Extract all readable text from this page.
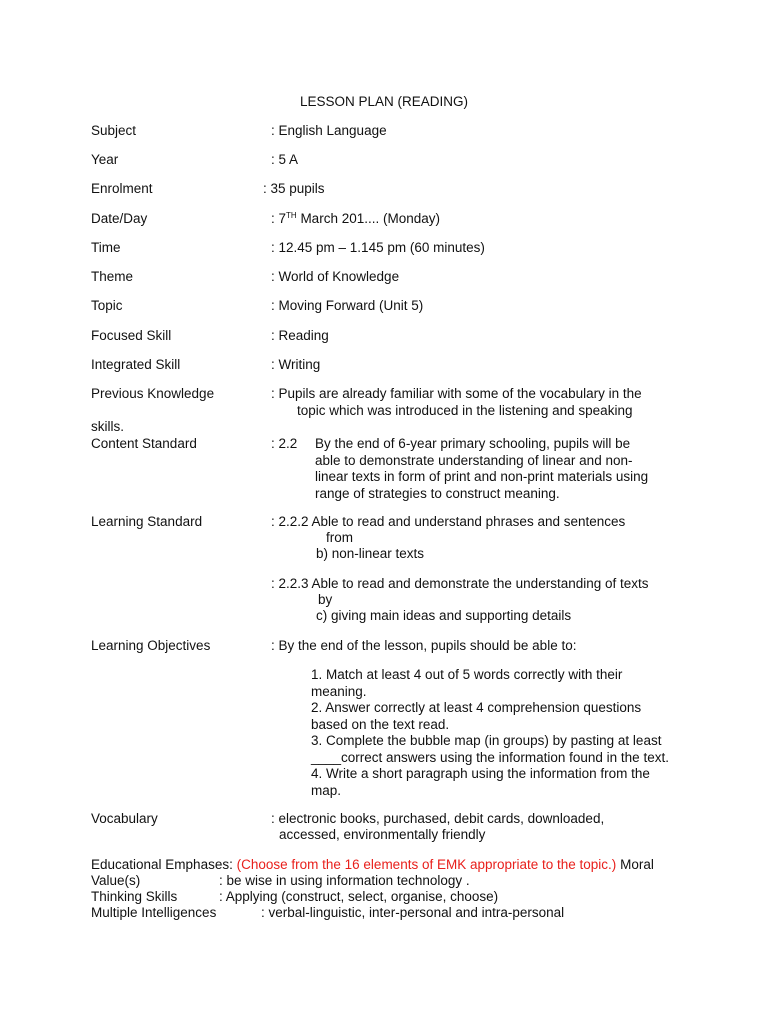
LESSON PLAN (READING)
Subject	: English Language
Year	: 5 A
Enrolment	: 35 pupils
Date/Day	: 7TH March 201.... (Monday)
Time	: 12.45 pm – 1.145 pm (60 minutes)
Theme	: World of Knowledge
Topic	: Moving Forward (Unit 5)
Focused Skill	: Reading
Integrated Skill	: Writing
Previous Knowledge	: Pupils are already familiar with some of the vocabulary in the
topic which was introduced in the listening and speaking
skills.
Content Standard	: 2.2 By the end of 6-year primary schooling, pupils will be
able to demonstrate understanding of linear and non-
linear texts in form of print and non-print materials using
range of strategies to construct meaning.
Learning Standard	: 2.2.2 Able to read and understand phrases and sentences
from
b) non-linear texts
: 2.2.3 Able to read and demonstrate the understanding of texts
by
c) giving main ideas and supporting details
Learning Objectives	: By the end of the lesson, pupils should be able to:
1. Match at least 4 out of 5 words correctly with their
meaning.
2. Answer correctly at least 4 comprehension questions
based on the text read.
3. Complete the bubble map (in groups) by pasting at least
____correct answers using the information found in the text.
4. Write a short paragraph using the information from the
map.
Vocabulary	: electronic books, purchased, debit cards, downloaded,
accessed, environmentally friendly
Educational Emphases: (Choose from the 16 elements of EMK appropriate to the topic.) Moral
Value(s)	: be wise in using information technology .
Thinking Skills	: Applying (construct, select, organise, choose)
Multiple Intelligences	: verbal-linguistic, inter-personal and intra-personal
